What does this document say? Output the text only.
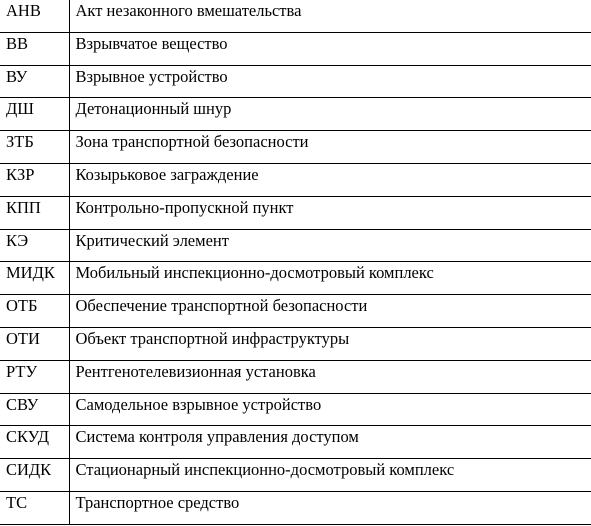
АНВ	Акт незаконного вмешательства
ВВ	Взрывчатое вещество
ВУ	Взрывное устройство
ДШ	Детонационный шнур
ЗТБ	Зона транспортной безопасности
КЗР	Козырьковое заграждение
КПП	Контрольно-пропускной пункт
КЭ	Критический элемент
МИДК	Мобильный инспекционно-досмотровый комплекс
ОТБ	Обеспечение транспортной безопасности
ОТИ	Объект транспортной инфраструктуры
РТУ	Рентгенотелевизионная установка
СВУ	Самодельное взрывное устройство
СКУД	Система контроля управления доступом
СИДК	Стационарный инспекционно-досмотровый комплекс
ТС	Транспортное средство
